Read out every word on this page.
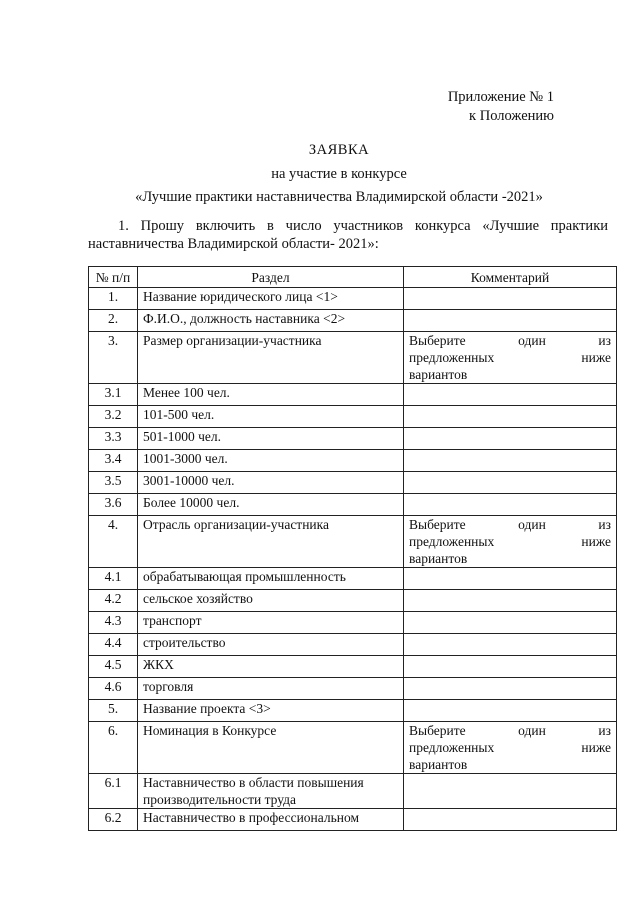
Приложение № 1
к Положению
ЗАЯВКА
на участие в конкурсе
«Лучшие практики наставничества Владимирской области -2021»
1. Прошу включить в число участников конкурса «Лучшие практики наставничества Владимирской области- 2021»:
№ п/п	Раздел	Комментарий
1.	Название юридического лица <1>	
2.	Ф.И.О., должность наставника <2>	
3.	Размер организации-участника	Выберите один из
предложенных ниже
вариантов

3.1	Менее 100 чел.	
3.2	101-500 чел.	
3.3	501-1000 чел.	
3.4	1001-3000 чел.	
3.5	3001-10000 чел.	
3.6	Более 10000 чел.	
4.	Отрасль организации-участника	Выберите один из
предложенных ниже
вариантов

4.1	обрабатывающая промышленность	
4.2	сельское хозяйство	
4.3	транспорт	
4.4	строительство	
4.5	ЖКХ	
4.6	торговля	
5.	Название проекта <3>	
6.	Номинация в Конкурсе	Выберите один из
предложенных ниже
вариантов

6.1	Наставничество в области повышения производительности труда	
6.2	Наставничество в профессиональном	
